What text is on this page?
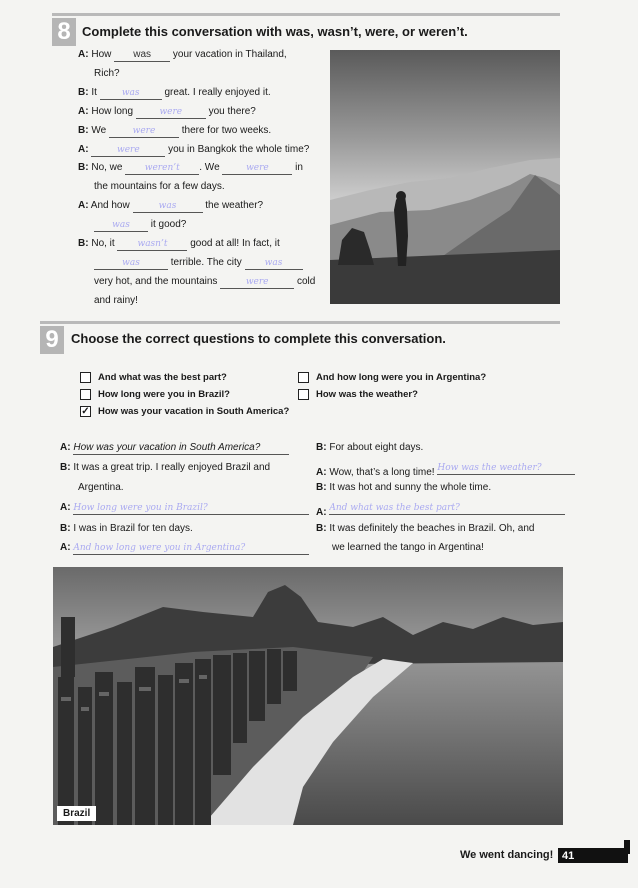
8 Complete this conversation with was, wasn’t, were, or weren’t.
A: How was your vacation in Thailand,
Rich?
B: It was great. I really enjoyed it.
A: How long	were you there?
B: We	were there for two weeks.
A:	were	you in Bangkok the whole time?
B: No, we weren’t . We	were in
the mountains for a few days.
A: And how	was	the weather?
was it good?
B: No, it wasn’t good at all! In fact, it
was	terrible. The city was
very hot, and the mountains	were	cold
and rainy!
9 Choose the correct questions to complete this conversation.
And what was the best part?
How long were you in Brazil?
✓ How was your vacation in South America?
And how long were you in Argentina?
How was the weather?
A: How was your vacation in South America?
B: It was a great trip. I really enjoyed Brazil and
Argentina.
A: How long were you in Brazil?
B: I was in Brazil for ten days.
A: And how long were you in Argentina?
B: For about eight days.
A: Wow, that’s a long time! How was the weather?
B: It was hot and sunny the whole time.
A: And what was the best part?
B: It was definitely the beaches in Brazil. Oh, and
we learned the tango in Argentina!
Brazil
We went dancing! 41
